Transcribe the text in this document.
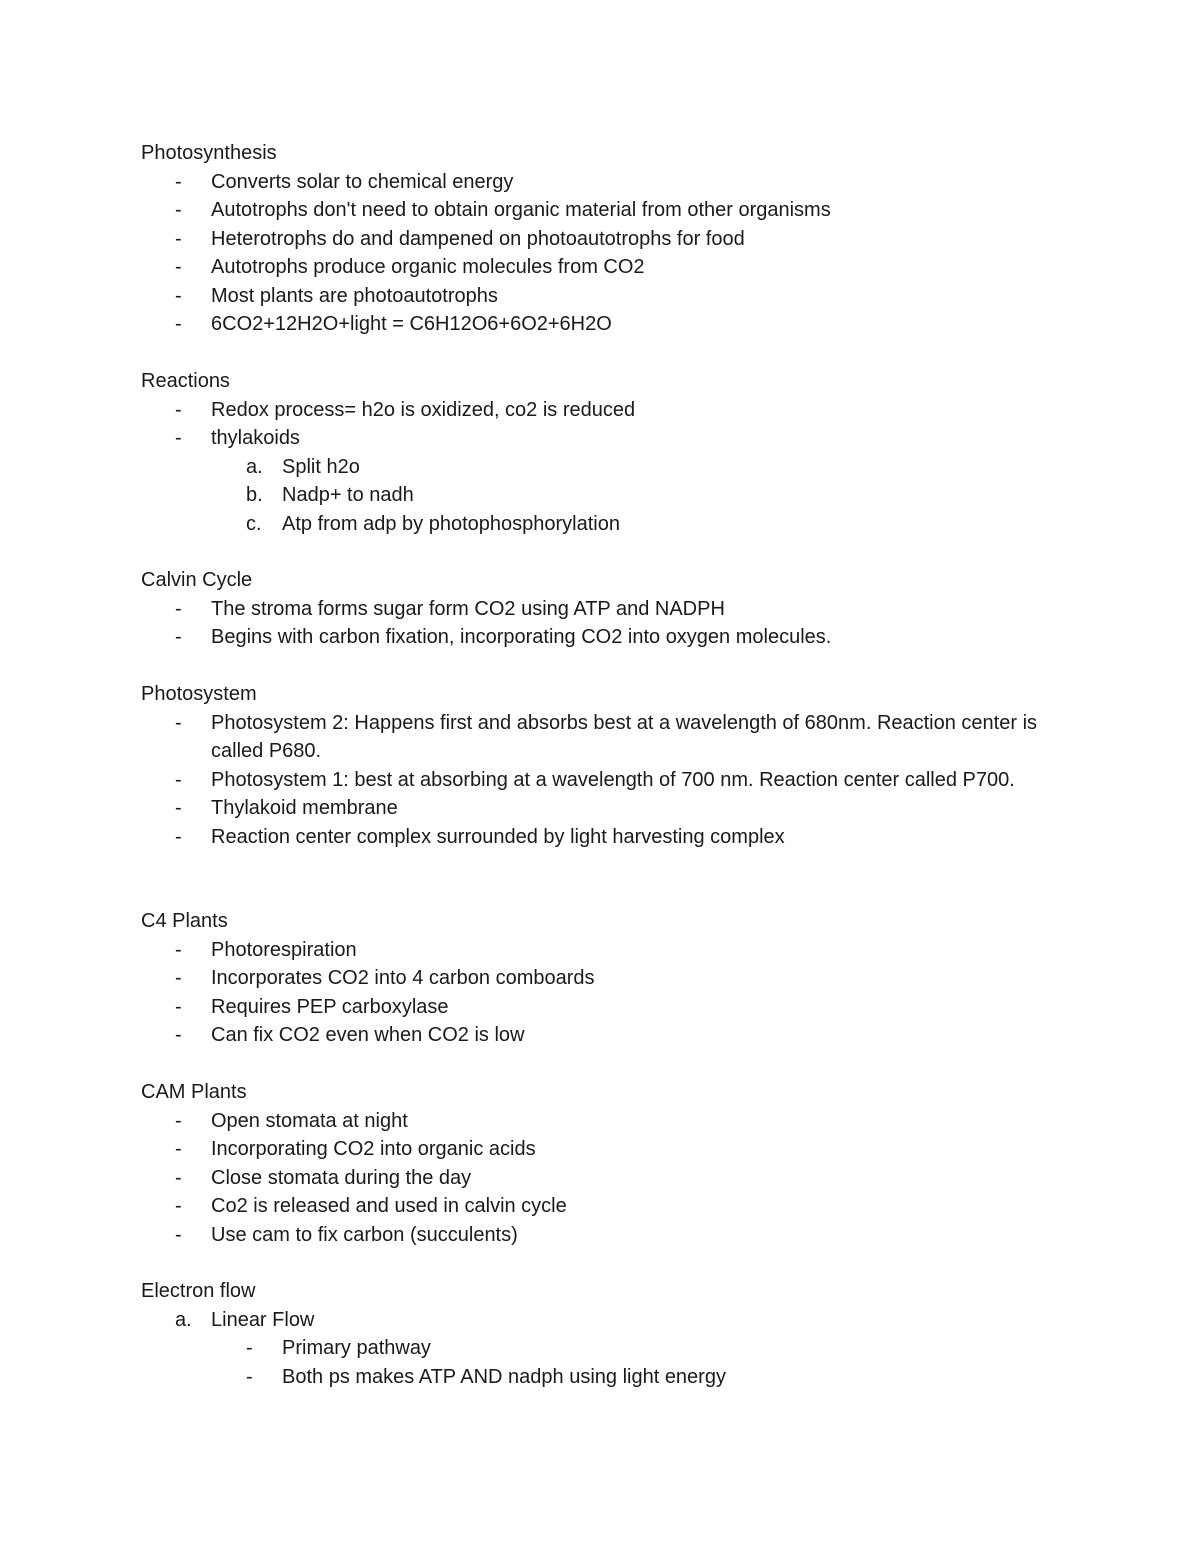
Photosynthesis
- Converts solar to chemical energy
- Autotrophs don't need to obtain organic material from other organisms
- Heterotrophs do and dampened on photoautotrophs for food
- Autotrophs produce organic molecules from CO2
- Most plants are photoautotrophs
- 6CO2+12H2O+light = C6H12O6+6O2+6H2O
Reactions
- Redox process= h2o is oxidized, co2 is reduced
- thylakoids
a. Split h2o
b. Nadp+ to nadh
c. Atp from adp by photophosphorylation
Calvin Cycle
- The stroma forms sugar form CO2 using ATP and NADPH
- Begins with carbon fixation, incorporating CO2 into oxygen molecules.
Photosystem
- Photosystem 2: Happens first and absorbs best at a wavelength of 680nm. Reaction center is called P680.
- Photosystem 1: best at absorbing at a wavelength of 700 nm. Reaction center called P700.
- Thylakoid membrane
- Reaction center complex surrounded by light harvesting complex
C4 Plants
- Photorespiration
- Incorporates CO2 into 4 carbon comboards
- Requires PEP carboxylase
- Can fix CO2 even when CO2 is low
CAM Plants
- Open stomata at night
- Incorporating CO2 into organic acids
- Close stomata during the day
- Co2 is released and used in calvin cycle
- Use cam to fix carbon (succulents)
Electron flow
a. Linear Flow
- Primary pathway
- Both ps makes ATP AND nadph using light energy
